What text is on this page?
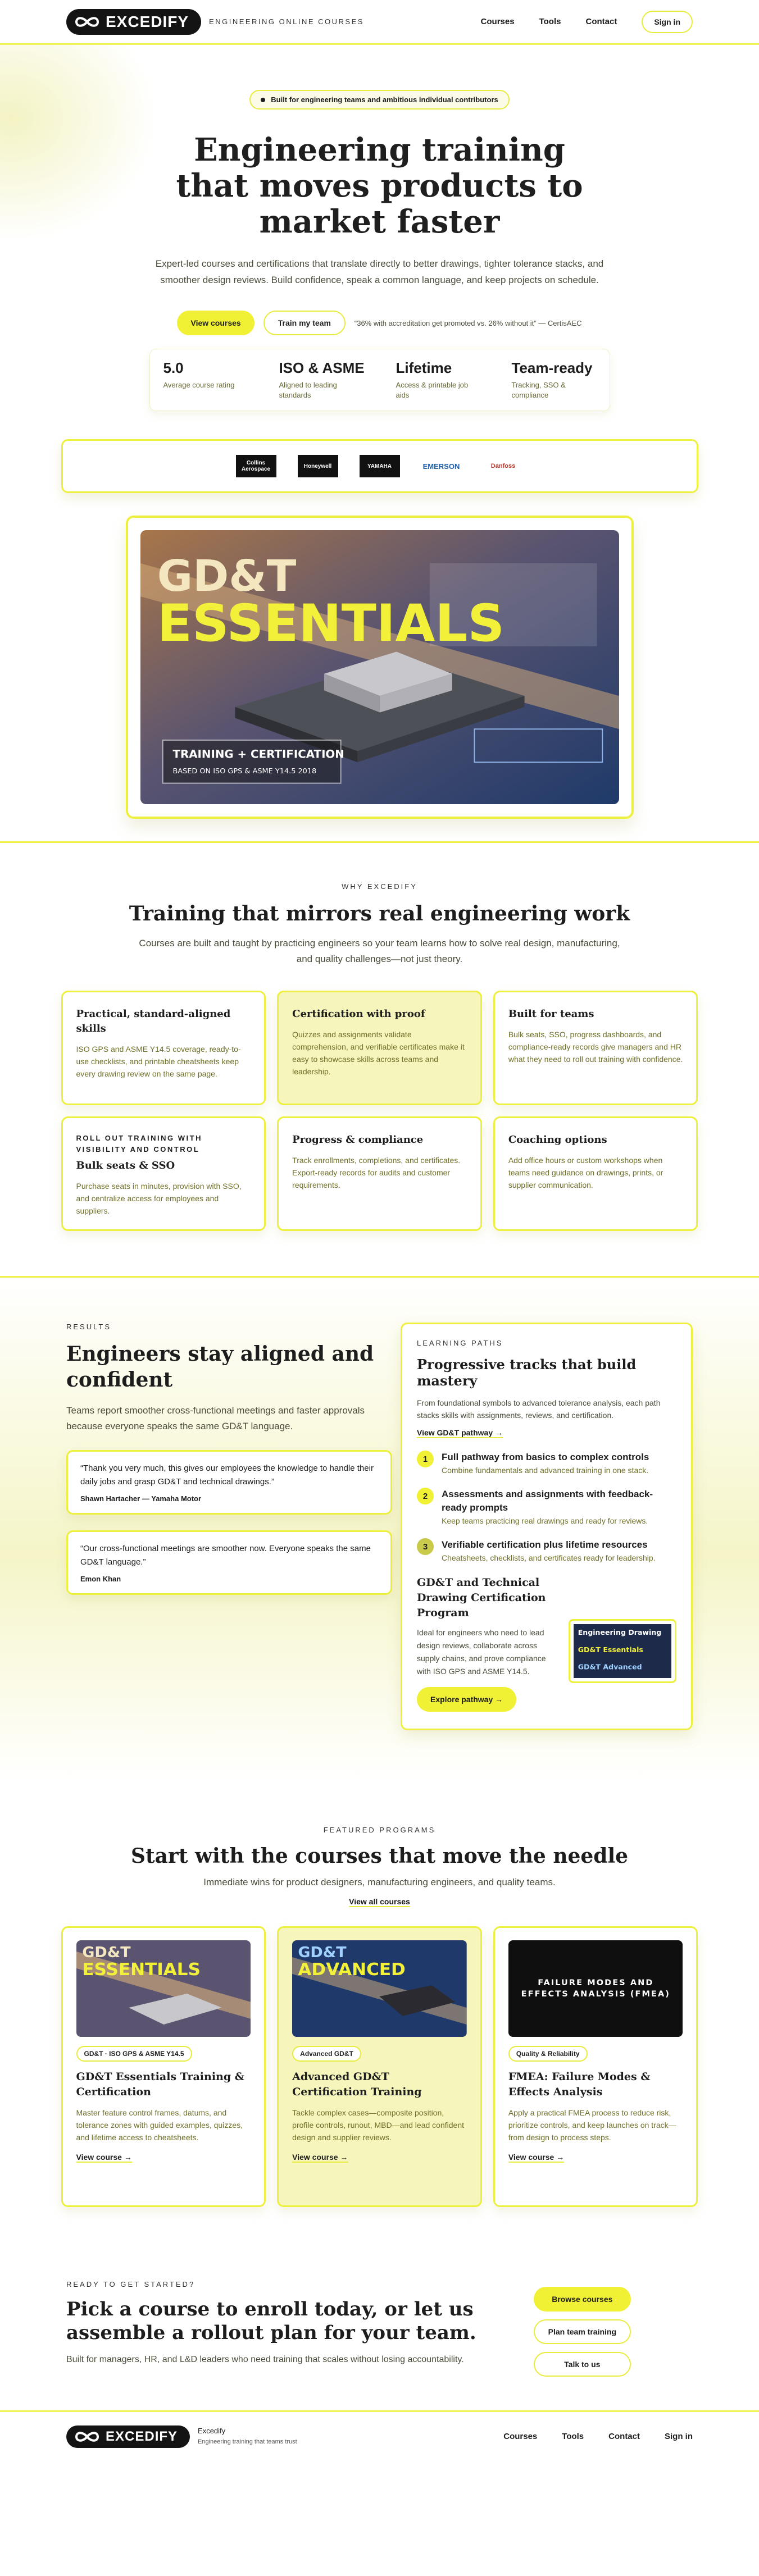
EXCEDIFY	ENGINEERING ONLINE COURSES	Courses	Tools	Contact	Sign in
Built for engineering teams and ambitious individual contributors
Engineering training that moves products to market faster

Expert-led courses and certifications that translate directly to better drawings, tighter tolerance stacks, and smoother design reviews. Build confidence, speak a common language, and keep projects on schedule.

View courses	Train my team	“36% with accreditation get promoted vs. 26% without it” — CertisAEC
5.0
Average course rating
ISO & ASME
Aligned to leading standards
Lifetime
Access & printable job aids
Team-ready
Tracking, SSO & compliance
Collins Aerospace	Honeywell	YAMAHA	EMERSON	Danfoss
GD&T
ESSENTIALS
TRAINING + CERTIFICATION
BASED ON ISO GPS & ASME Y14.5 2018
WHY EXCEDIFY
Training that mirrors real engineering work

Courses are built and taught by practicing engineers so your team learns how to solve real design, manufacturing, and quality challenges—not just theory.

Practical, standard-aligned skills

ISO GPS and ASME Y14.5 coverage, ready-to-use checklists, and printable cheatsheets keep every drawing review on the same page.

Certification with proof

Quizzes and assignments validate comprehension, and verifiable certificates make it easy to showcase skills across teams and leadership.

Built for teams

Bulk seats, SSO, progress dashboards, and compliance-ready records give managers and HR what they need to roll out training with confidence.

ROLL OUT TRAINING WITH VISIBILITY AND CONTROL
Bulk seats & SSO

Purchase seats in minutes, provision with SSO, and centralize access for employees and suppliers.

Progress & compliance

Track enrollments, completions, and certificates. Export-ready records for audits and customer requirements.

Coaching options

Add office hours or custom workshops when teams need guidance on drawings, prints, or supplier communication.

RESULTS
Engineers stay aligned and confident

Teams report smoother cross-functional meetings and faster approvals because everyone speaks the same GD&T language.

“Thank you very much, this gives our employees the knowledge to handle their daily jobs and grasp GD&T and technical drawings.”

Shawn Hartacher — Yamaha Motor

“Our cross-functional meetings are smoother now. Everyone speaks the same GD&T language.”

Emon Khan
LEARNING PATHS
Progressive tracks that build mastery

From foundational symbols to advanced tolerance analysis, each path stacks skills with assignments, reviews, and certification.

View GD&T pathway →
1	Full pathway from basics to complex controls

Combine fundamentals and advanced training in one stack.

2	Assessments and assignments with feedback-ready prompts

Keep teams practicing real drawings and ready for reviews.

3	Verifiable certification plus lifetime resources

Cheatsheets, checklists, and certificates ready for leadership.

GD&T and Technical Drawing Certification Program

Ideal for engineers who need to lead design reviews, collaborate across supply chains, and prove compliance with ISO GPS and ASME Y14.5.

Explore pathway →
Engineering Drawing
GD&T Essentials
GD&T Advanced
FEATURED PROGRAMS
Start with the courses that move the needle

Immediate wins for product designers, manufacturing engineers, and quality teams.

View all courses
GD&T
ESSENTIALS
GD&T · ISO GPS & ASME Y14.5
GD&T Essentials Training & Certification

Master feature control frames, datums, and tolerance zones with guided examples, quizzes, and lifetime access to cheatsheets.

View course →
GD&T
ADVANCED
Advanced GD&T
Advanced GD&T Certification Training

Tackle complex cases—composite position, profile controls, runout, MBD—and lead confident design and supplier reviews.

View course →
FAILURE MODES AND
EFFECTS ANALYSIS (FMEA)
Quality & Reliability
FMEA: Failure Modes & Effects Analysis

Apply a practical FMEA process to reduce risk, prioritize controls, and keep launches on track—from design to process steps.

View course →
READY TO GET STARTED?
Pick a course to enroll today, or let us assemble a rollout plan for your team.

Built for managers, HR, and L&D leaders who need training that scales without losing accountability.

Browse courses
Plan team training
Talk to us
EXCEDIFY	Excedify
Engineering training that teams trust
Courses	Tools	Contact	Sign in
